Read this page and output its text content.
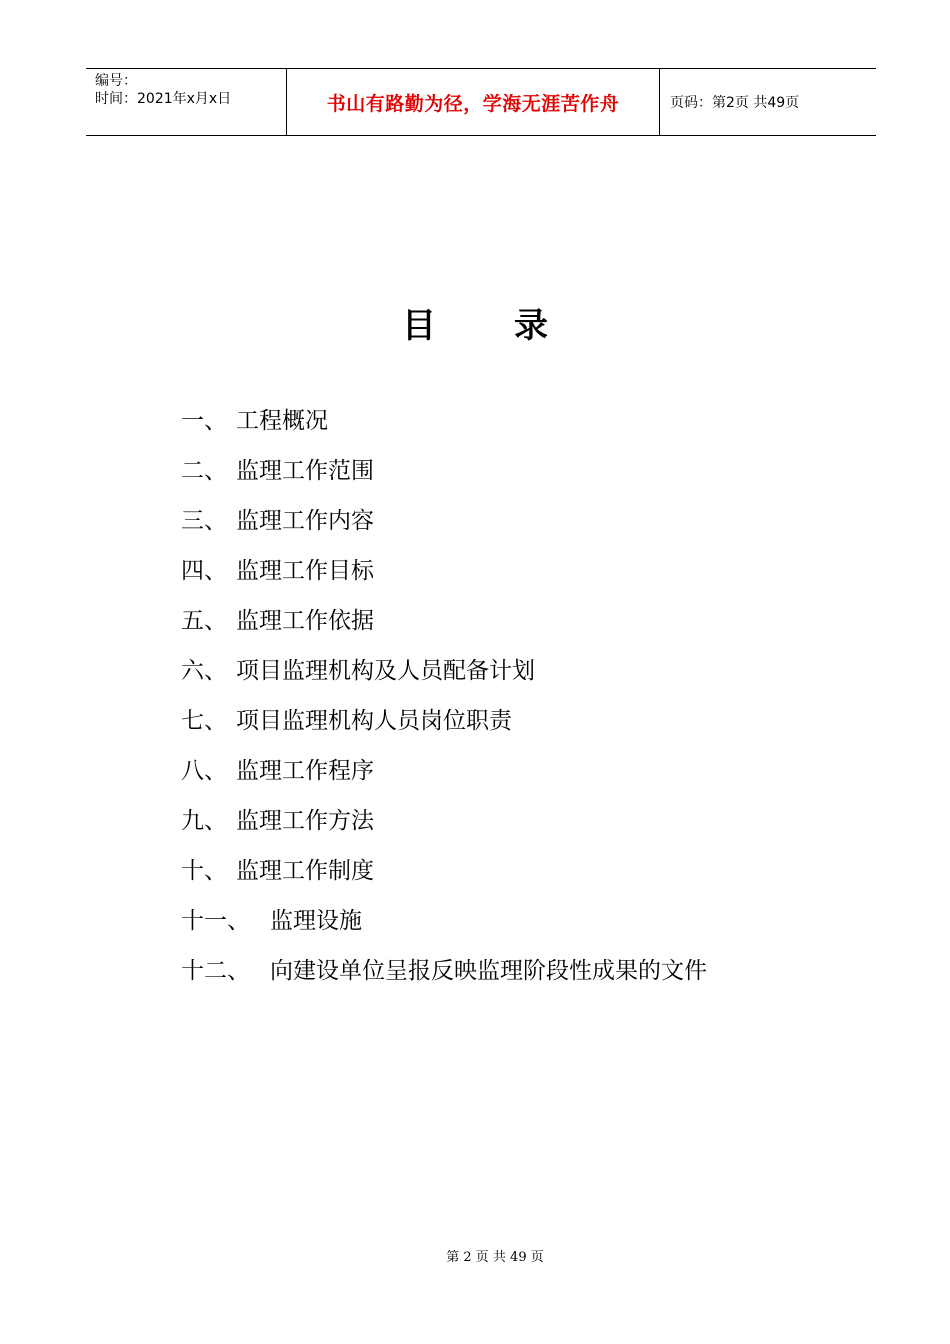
编号：
时间：2021年x月x日	书山有路勤为径，学海无涯苦作舟	页码：第2页 共49页
目 录
一、 工程概况
二、 监理工作范围
三、 监理工作内容
四、 监理工作目标
五、 监理工作依据
六、 项目监理机构及人员配备计划
七、 项目监理机构人员岗位职责
八、 监理工作程序
九、 监理工作方法
十、 监理工作制度
十一、 监理设施
十二、 向建设单位呈报反映监理阶段性成果的文件
第 2 页 共 49 页
